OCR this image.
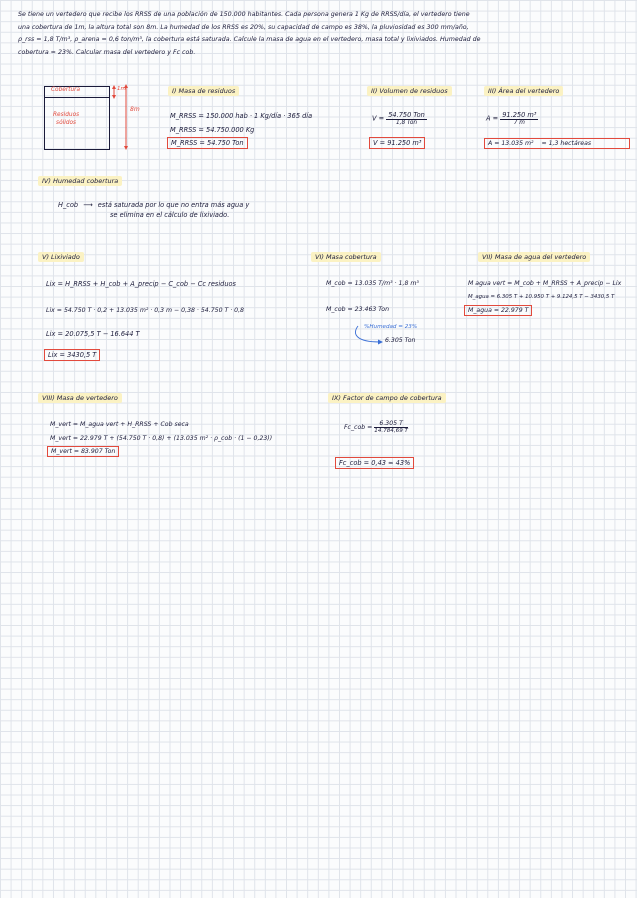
Se tiene un vertedero que recibe los RRSS de una población de 150.000 habitantes. Cada persona genera 1 Kg de RRSS/día, el vertedero tiene
una cobertura de 1m, la altura total son 8m. La humedad de los RRSS es 20%, su capacidad de campo es 38%, la pluviosidad es 300 mm/año,
ρ_rss = 1,8 T/m³, ρ_arena = 0,6 ton/m³, la cobertura está saturada. Calcule la masa de agua en el vertedero, masa total y lixiviados. Humedad de
cobertura = 23%. Calcular masa del vertedero y Fc cob.
Cobertura
Residuos
sólidos
1m
8m
I) Masa de residuos
M_RRSS = 150.000 hab · 1 Kg/día · 365 día
M_RRSS = 54.750.000 Kg
M_RRSS = 54.750 Ton
II) Volumen de residuos
V = 54.750 Ton
1,8 Ton
V = 91.250 m³
III) Área del vertedero
$A = \frac{\text{91.250 m³}}{7 m}$
A = 13.035 m² ≈ 1,3 hectáreas
IV) Humedad cobertura
H_cob ⟶ está saturada por lo que no entra más agua y
se elimina en el cálculo de lixiviado.
V) Lixiviado
Lix = H_RRSS + H_cob + A_precip − C_cob − Cc residuos
Lix = 54.750 T · 0,2 + 13.035 m² · 0,3 m − 0,38 · 54.750 T · 0,8
Lix = 20.075,5 T − 16.644 T
Lix = 3430,5 T
VI) Masa cobertura
M_cob = 13.035 T/m³ · 1,8 m³
M_cob = 23.463 Ton
%Humedad = 23%
6.305 Ton
VII) Masa de agua del vertedero
M agua vert = M_cob + M_RRSS + A_precip − Lix
M_agua = 6.305 T + 10.950 T + 9.124,5 T − 3430,5 T
M_agua = 22.979 T
VIII) Masa de vertedero
M_vert = M_agua vert + H_RRSS + Cob seca
M_vert = 22.979 T + (54.750 T · 0,8) + (13.035 m² · ρ_cob · (1 − 0,23))
M_vert = 83.907 Ton
IX) Factor de campo de cobertura
Fc_cob = $\frac{6.305 T}{14.784,69 T}$
Fc_cob = 0,43 ≈ 43%
